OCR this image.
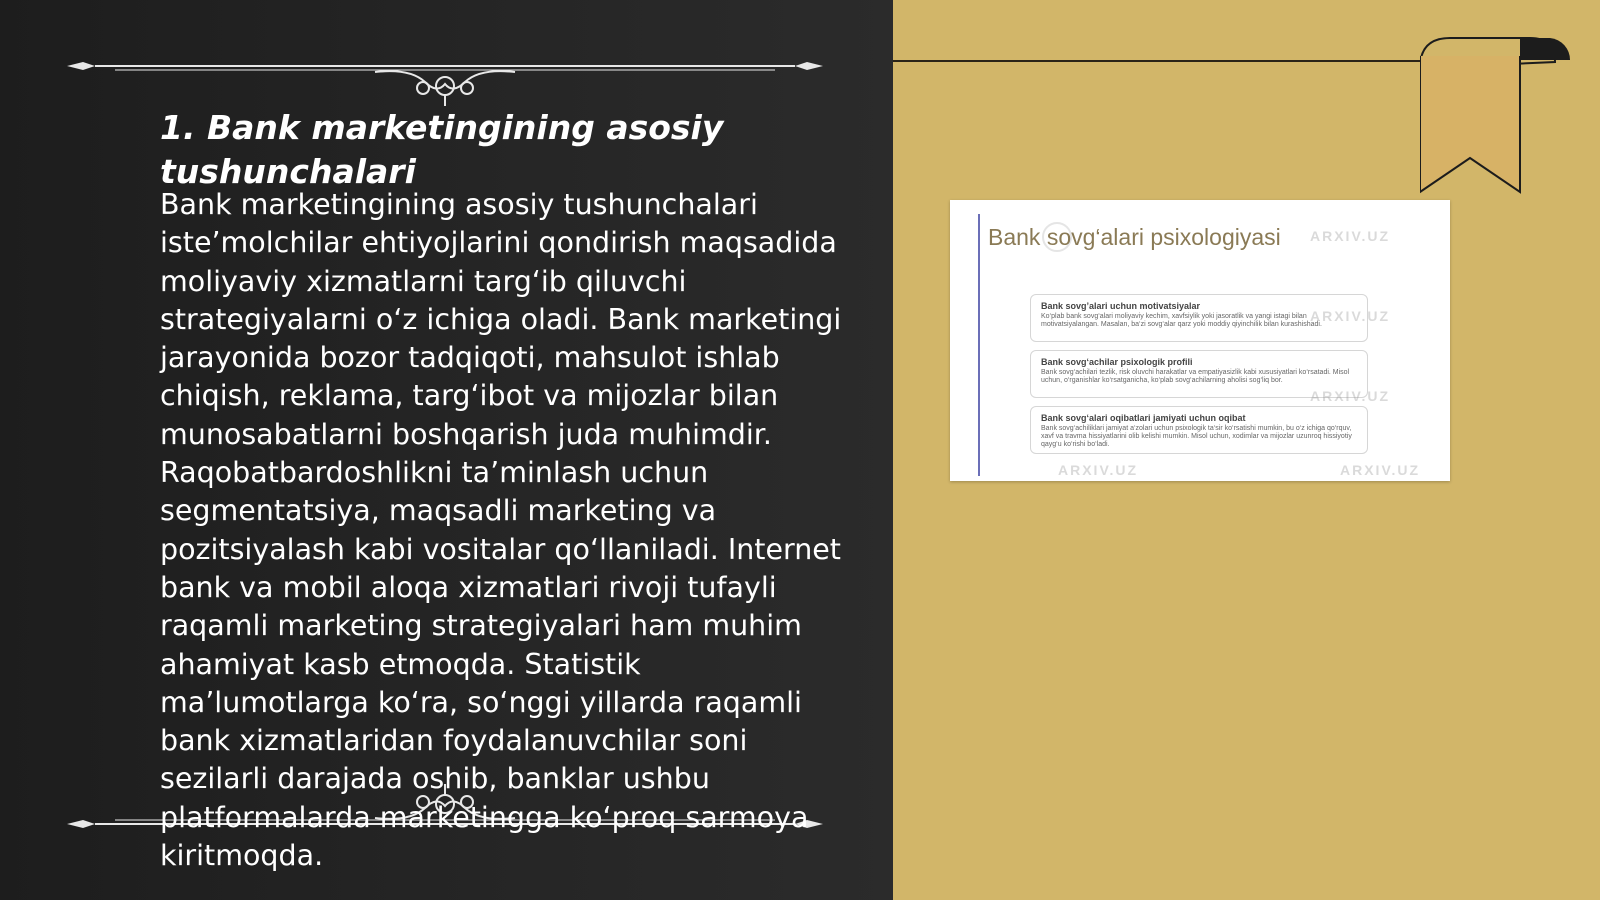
1. Bank marketingining asosiy tushunchalari

Bank marketingining asosiy tushunchalari iste’molchilar ehtiyojlarini qondirish maqsadida moliyaviy xizmatlarni targ‘ib qiluvchi strategiyalarni o‘z ichiga oladi. Bank marketingi jarayonida bozor tadqiqoti, mahsulot ishlab chiqish, reklama, targ‘ibot va mijozlar bilan munosabatlarni boshqarish juda muhimdir. Raqobatbardoshlikni ta’minlash uchun segmentatsiya, maqsadli marketing va pozitsiyalash kabi vositalar qo‘llaniladi. Internet bank va mobil aloqa xizmatlari rivoji tufayli raqamli marketing strategiyalari ham muhim ahamiyat kasb etmoqda. Statistik ma’lumotlarga ko‘ra, so‘nggi yillarda raqamli bank xizmatlaridan foydalanuvchilar soni sezilarli darajada oshib, banklar ushbu platformalarda marketingga ko‘proq sarmoya kiritmoqda.

Bank sovg‘alari psixologiyasi
Bank sovg’alari uchun motivatsiyalar
Ko‘plab bank sovg‘alari moliyaviy kechim, xavfsiylik yoki jasoratlik va yangi istagi bilan motivatsiyalangan. Masalan, ba‘zi sovg‘alar qarz yoki moddiy qiyinchilik bilan kurashishadi.
Bank sovg‘achilar psixologik profili
Bank sovg‘achilari tezlik, risk oluvchi harakatlar va empatiyasizlik kabi xususiyatlari ko‘rsatadi. Misol uchun, o‘rganishlar ko‘rsatganicha, ko‘plab sovg‘achilarning aholisi sog‘liq bor.
Bank sovg‘alari oqibatlari jamiyati uchun oqibat
Bank sovg‘achiliklari jamiyat a‘zolari uchun psixologik ta‘sir ko‘rsatishi mumkin, bu o‘z ichiga qo‘rquv, xavf va travma hissiyatlarini olib kelishi mumkin. Misol uchun, xodimlar va mijozlar uzunroq hissiyotiy qayg‘u ko‘rishi bo‘ladi.
ARXIV.UZ
ARXIV.UZ
ARXIV.UZ
ARXIV.UZ	ARXIV.UZ
